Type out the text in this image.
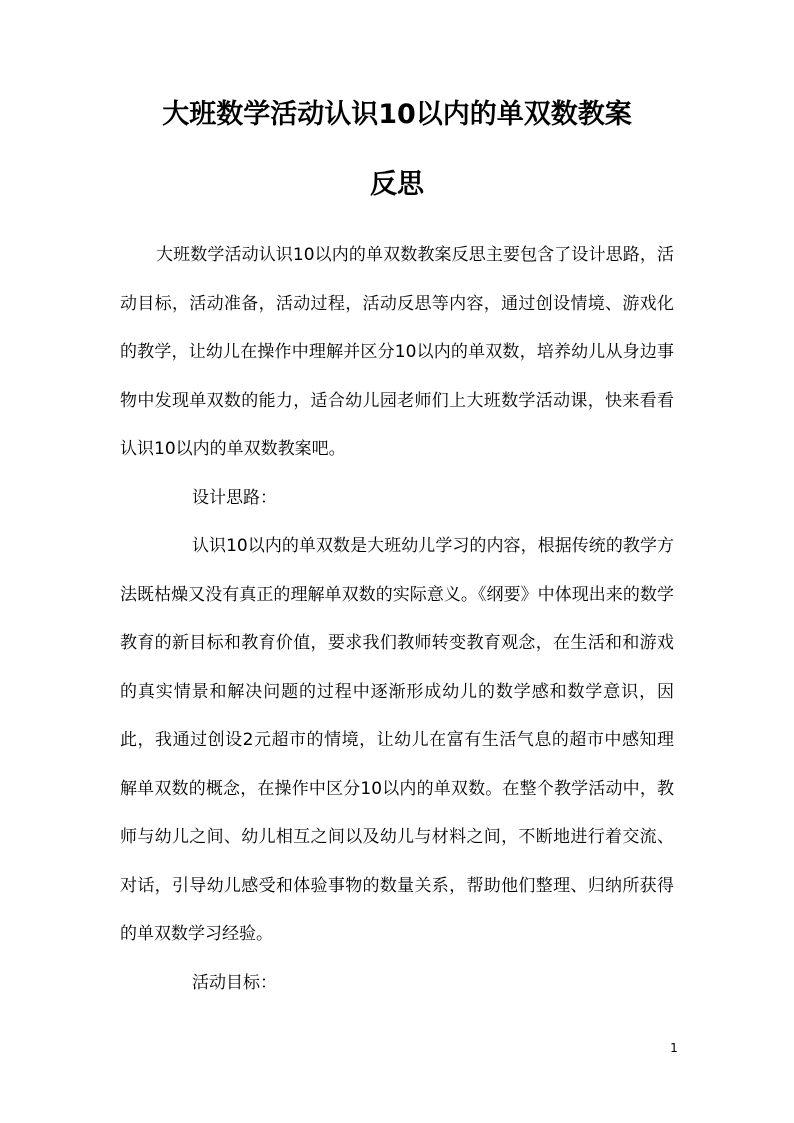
大班数学活动认识10以内的单双数教案
反思

大班数学活动认识10以内的单双数教案反思主要包含了设计思路，活动目标，活动准备，活动过程，活动反思等内容，通过创设情境、游戏化的教学，让幼儿在操作中理解并区分10以内的单双数，培养幼儿从身边事物中发现单双数的能力，适合幼儿园老师们上大班数学活动课，快来看看认识10以内的单双数教案吧。

设计思路：

认识10以内的单双数是大班幼儿学习的内容，根据传统的教学方法既枯燥又没有真正的理解单双数的实际意义。《纲要》中体现出来的数学教育的新目标和教育价值，要求我们教师转变教育观念，在生活和和游戏的真实情景和解决问题的过程中逐渐形成幼儿的数学感和数学意识，因此，我通过创设2元超市的情境，让幼儿在富有生活气息的超市中感知理解单双数的概念，在操作中区分10以内的单双数。在整个教学活动中，教师与幼儿之间、幼儿相互之间以及幼儿与材料之间，不断地进行着交流、对话，引导幼儿感受和体验事物的数量关系，帮助他们整理、归纳所获得的单双数学习经验。

活动目标：

1
